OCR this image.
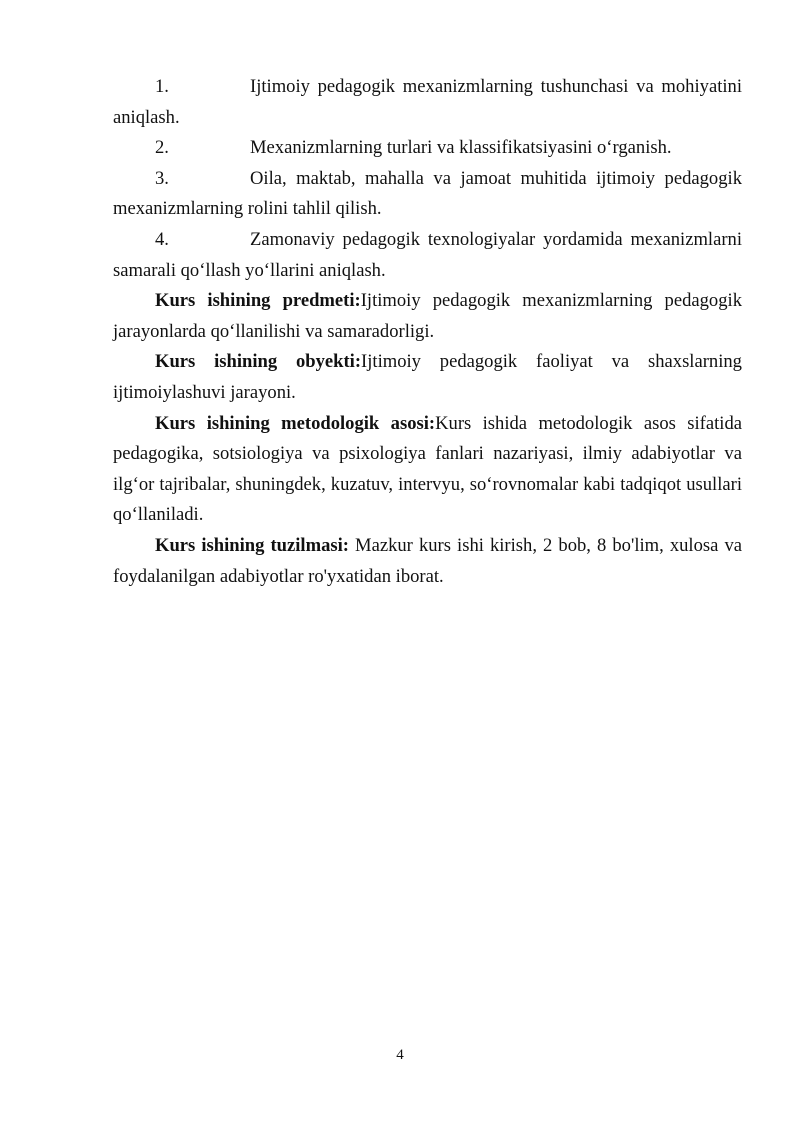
1.	Ijtimoiy pedagogik mexanizmlarning tushunchasi va mohiyatini aniqlash.

2.	Mexanizmlarning turlari va klassifikatsiyasini o‘rganish.

3.	Oila, maktab, mahalla va jamoat muhitida ijtimoiy pedagogik mexanizmlarning rolini tahlil qilish.

4.	Zamonaviy pedagogik texnologiyalar yordamida mexanizmlarni samarali qo‘llash yo‘llarini aniqlash.

Kurs ishining predmeti:Ijtimoiy pedagogik mexanizmlarning pedagogik jarayonlarda qo‘llanilishi va samaradorligi.

Kurs ishining obyekti:Ijtimoiy pedagogik faoliyat va shaxslarning ijtimoiylashuvi jarayoni.

Kurs ishining metodologik asosi:Kurs ishida metodologik asos sifatida pedagogika, sotsiologiya va psixologiya fanlari nazariyasi, ilmiy adabiyotlar va ilg‘or tajribalar, shuningdek, kuzatuv, intervyu, so‘rovnomalar kabi tadqiqot usullari qo‘llaniladi.

Kurs ishining tuzilmasi: Mazkur kurs ishi kirish, 2 bob, 8 bo'lim, xulosa va foydalanilgan adabiyotlar ro'yxatidan iborat.

4
